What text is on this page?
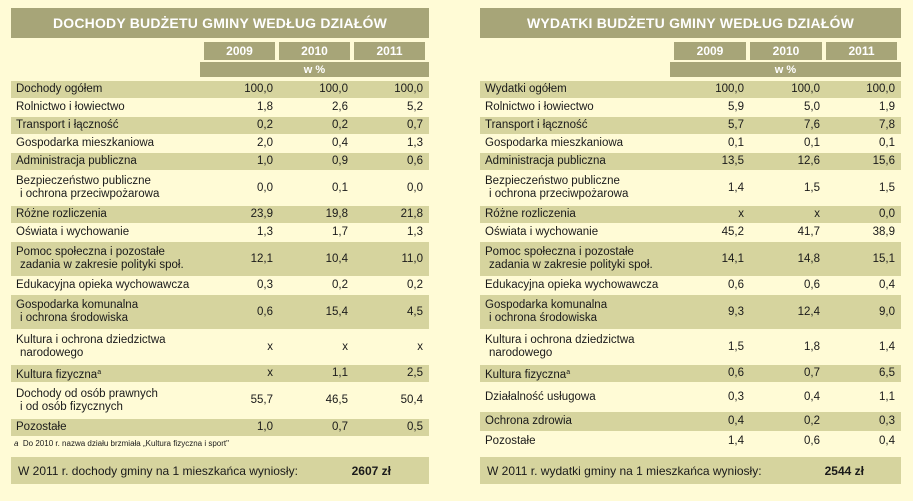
DOCHODY BUDŻETU GMINY WEDŁUG DZIAŁÓW
2009	2010	2011
w %
Dochody ogółem	100,0	100,0	100,0
Rolnictwo i łowiectwo	1,8	2,6	5,2
Transport i łączność	0,2	0,2	0,7
Gospodarka mieszkaniowa	2,0	0,4	1,3
Administracja publiczna	1,0	0,9	0,6
Bezpieczeństwo publiczne
i ochrona przeciwpożarowa
0,0	0,1	0,0
Różne rozliczenia	23,9	19,8	21,8
Oświata i wychowanie	1,3	1,7	1,3
Pomoc społeczna i pozostałe
zadania w zakresie polityki społ.
12,1	10,4	11,0
Edukacyjna opieka wychowawcza	0,3	0,2	0,2
Gospodarka komunalna
i ochrona środowiska
0,6	15,4	4,5
Kultura i ochrona dziedzictwa
narodowego
x	x	x
Kultura fizyczna$^a$	x	1,1	2,5
Dochody od osób prawnych
i od osób fizycznych
55,7	46,5	50,4
Pozostałe	1,0	0,7	0,5
a Do 2010 r. nazwa działu brzmiała „Kultura fizyczna i sport"
WYDATKI BUDŻETU GMINY WEDŁUG DZIAŁÓW
2009	2010	2011
w %
Wydatki ogółem	100,0	100,0	100,0
Rolnictwo i łowiectwo	5,9	5,0	1,9
Transport i łączność	5,7	7,6	7,8
Gospodarka mieszkaniowa	0,1	0,1	0,1
Administracja publiczna	13,5	12,6	15,6
Bezpieczeństwo publiczne
i ochrona przeciwpożarowa
1,4	1,5	1,5
Różne rozliczenia	x	x	0,0
Oświata i wychowanie	45,2	41,7	38,9
Pomoc społeczna i pozostałe
zadania w zakresie polityki społ.
14,1	14,8	15,1
Edukacyjna opieka wychowawcza	0,6	0,6	0,4
Gospodarka komunalna
i ochrona środowiska
9,3	12,4	9,0
Kultura i ochrona dziedzictwa
narodowego
1,5	1,8	1,4
Kultura fizyczna$^a$	0,6	0,7	6,5
Działalność usługowa	0,3	0,4	1,1
Ochrona zdrowia	0,4	0,2	0,3
Pozostałe	1,4	0,6	0,4
W 2011 r. dochody gminy na 1 mieszkańca wyniosły:	2607 zł	W 2011 r. wydatki gminy na 1 mieszkańca wyniosły:	2544 zł
